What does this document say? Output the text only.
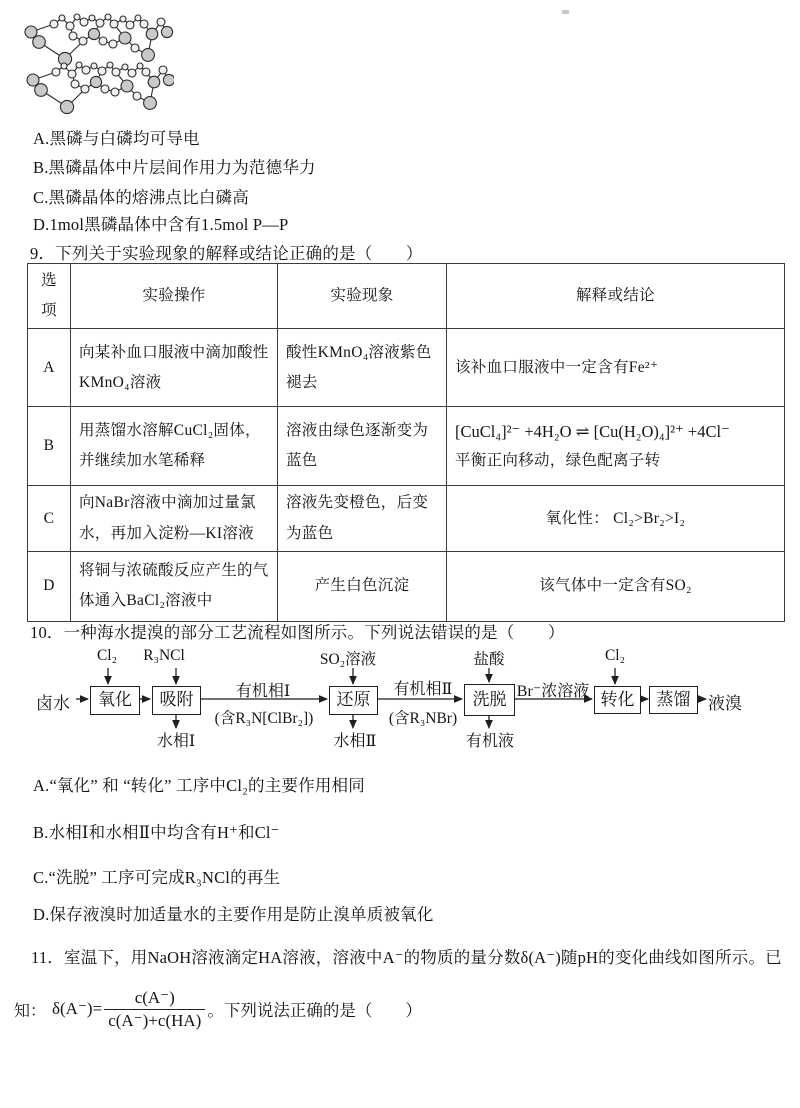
A.黑磷与白磷均可导电
B.黑磷晶体中片层间作用力为范德华力
C.黑磷晶体的熔沸点比白磷高
D.1mol黑磷晶体中含有1.5mol P—P
9．下列关于实验现象的解释或结论正确的是（　　）
选项	实验操作	实验现象	解释或结论
A	向某补血口服液中滴加酸性KMnO₄溶液	酸性KMnO₄溶液紫色褪去	该补血口服液中一定含有Fe²⁺
B	用蒸馏水溶解CuCl₂固体，并继续加水笔稀释	溶液由绿色逐渐变为蓝色	[CuCl₄]²⁻ +4H₂O ⇌ [Cu(H₂O)₄]²⁺ +4Cl⁻
平衡正向移动，绿色配离子转

C	向NaBr溶液中滴加过量氯水，再加入淀粉—KI溶液	溶液先变橙色，后变为蓝色	氧化性： Cl₂>Br₂>I₂
D	将铜与浓硫酸反应产生的气体通入BaCl₂溶液中	产生白色沉淀	该气体中一定含有SO₂
10．一种海水提溴的部分工艺流程如图所示。下列说法错误的是（　　）
氧化	吸附	还原	洗脱	转化	蒸馏
卤水	液溴
Cl₂ R₃NCl	SO₂溶液	盐酸	Cl₂
有机相Ⅰ
(含R₃N[ClBr₂])
有机相Ⅱ
(含R₃NBr)
Br⁻浓溶液
水相Ⅰ	水相Ⅱ	有机液
A.“氧化” 和 “转化” 工序中Cl₂的主要作用相同
B.水相Ⅰ和水相Ⅱ中均含有H⁺和Cl⁻
C.“洗脱” 工序可完成R₃NCl的再生
D.保存液溴时加适量水的主要作用是防止溴单质被氧化
11．室温下，用NaOH溶液滴定HA溶液，溶液中A⁻的物质的量分数δ(A⁻)随pH的变化曲线如图所示。已
知： $\delta(A^-)= \frac{c(A^-)}{c(A^-)+c(HA)}$ 。下列说法正确的是（　　）
